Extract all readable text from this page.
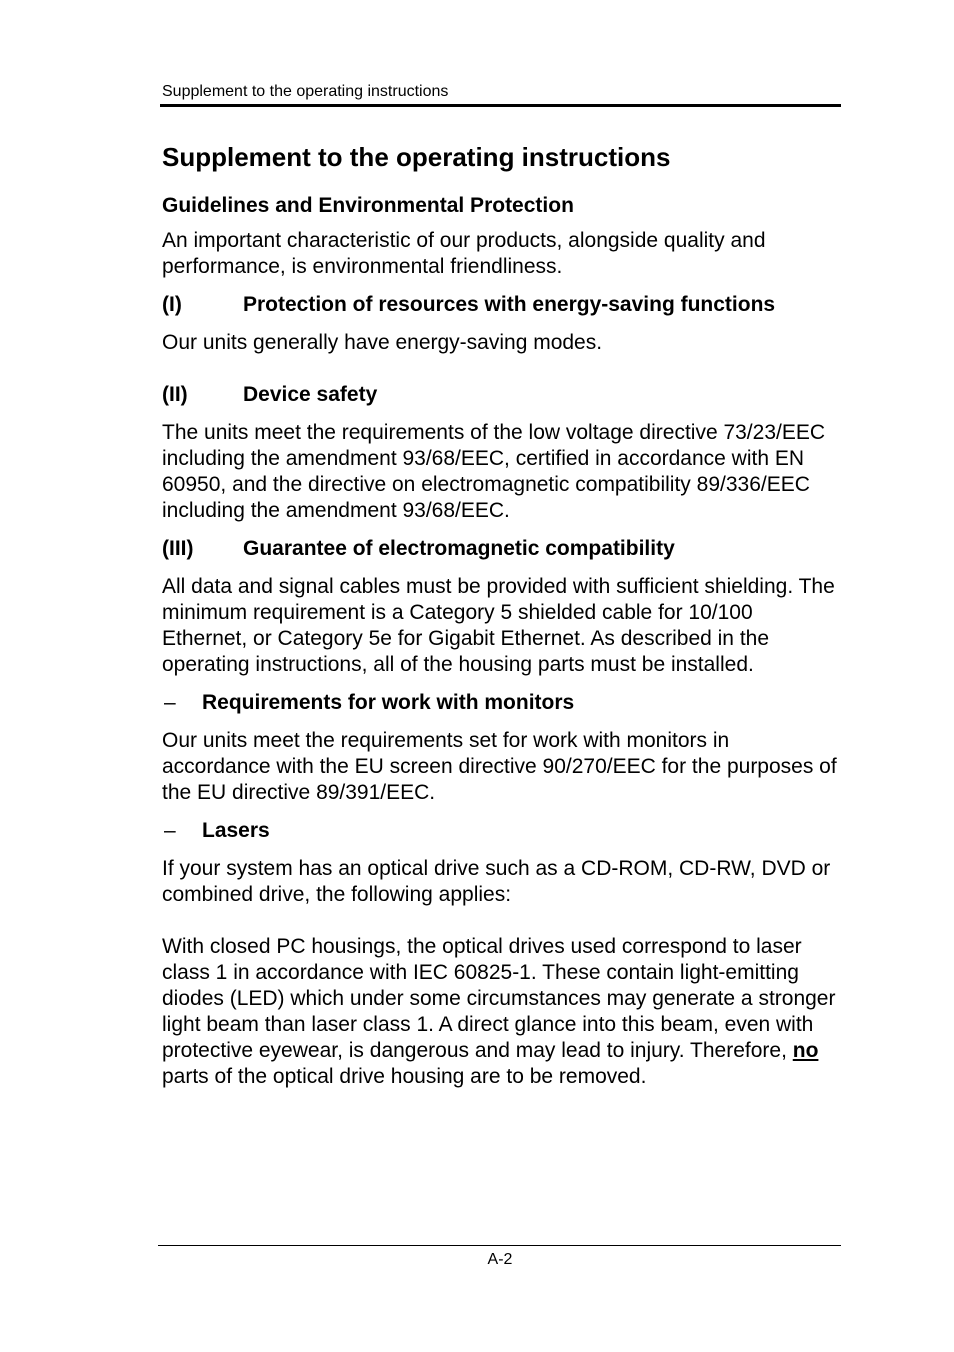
Supplement to the operating instructions
Supplement to the operating instructions
Guidelines and Environmental Protection

An important characteristic of our products, alongside quality and performance, is environmental friendliness.

(I)	Protection of resources with energy-saving functions

Our units generally have energy-saving modes.

(II)	Device safety

The units meet the requirements of the low voltage directive 73/23/EEC including the amendment 93/68/EEC, certified in accordance with EN 60950, and the directive on electromagnetic compatibility 89/336/EEC including the amendment 93/68/EEC.

(III)	Guarantee of electromagnetic compatibility

All data and signal cables must be provided with sufficient shielding. The minimum requirement is a Category 5 shielded cable for 10/100 Ethernet, or Category 5e for Gigabit Ethernet. As described in the operating instructions, all of the housing parts must be installed.

–	Requirements for work with monitors

Our units meet the requirements set for work with monitors in accordance with the EU screen directive 90/270/EEC for the purposes of the EU directive 89/391/EEC.

–	Lasers

If your system has an optical drive such as a CD-ROM, CD-RW, DVD or combined drive, the following applies:

With closed PC housings, the optical drives used correspond to laser class 1 in accordance with IEC 60825-1. These contain light-emitting diodes (LED) which under some circumstances may generate a stronger light beam than laser class 1. A direct glance into this beam, even with protective eyewear, is dangerous and may lead to injury. Therefore, no parts of the optical drive housing are to be removed.

A-2
